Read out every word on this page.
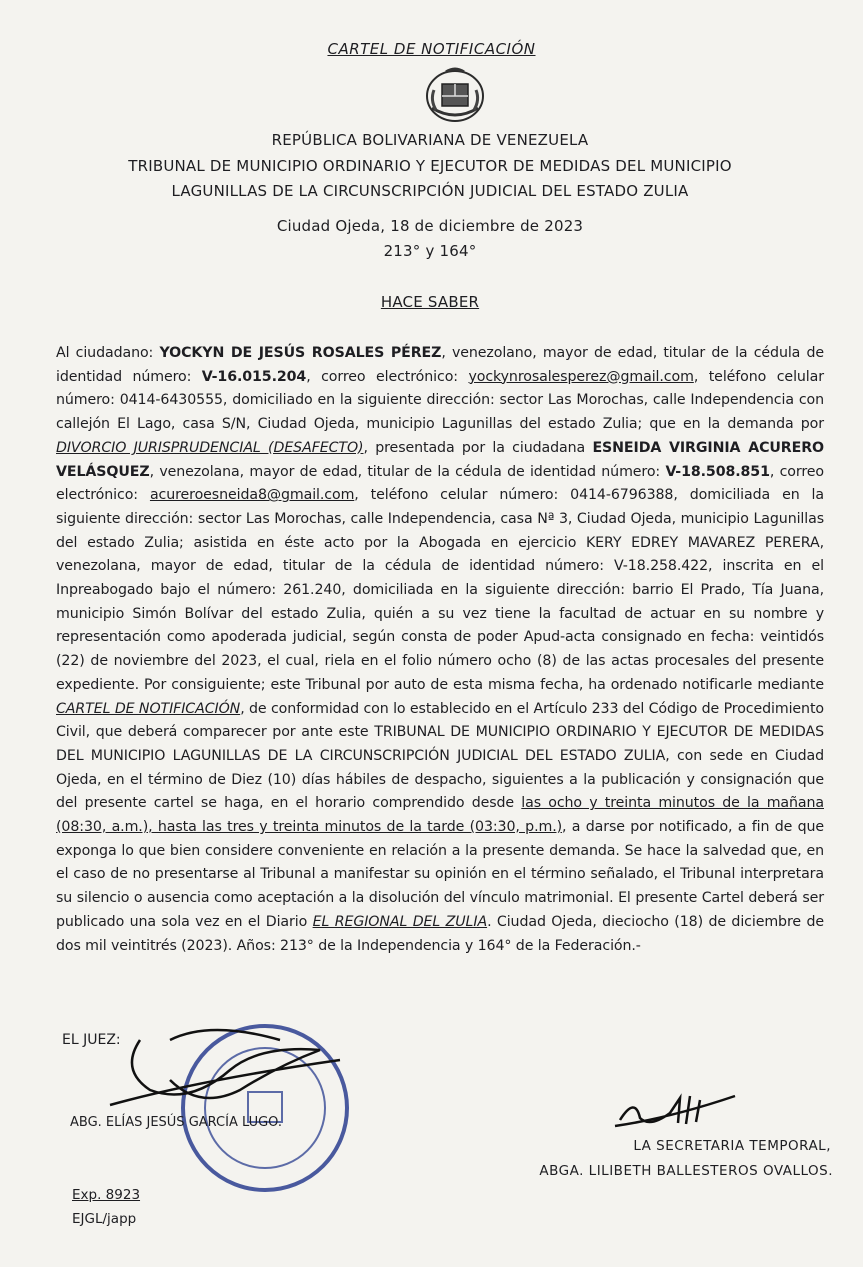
CARTEL DE NOTIFICACIÓN
REPÚBLICA BOLIVARIANA DE VENEZUELA
TRIBUNAL DE MUNICIPIO ORDINARIO Y EJECUTOR DE MEDIDAS DEL MUNICIPIO
LAGUNILLAS DE LA CIRCUNSCRIPCIÓN JUDICIAL DEL ESTADO ZULIA
Ciudad Ojeda, 18 de diciembre de 2023
213° y 164°
HACE SABER

Al ciudadano: YOCKYN DE JESÚS ROSALES PÉREZ, venezolano, mayor de edad, titular de la cédula de identidad número: V-16.015.204, correo electrónico: yockynrosalesperez@gmail.com, teléfono celular número: 0414-6430555, domiciliado en la siguiente dirección: sector Las Morochas, calle Independencia con callejón El Lago, casa S/N, Ciudad Ojeda, municipio Lagunillas del estado Zulia; que en la demanda por DIVORCIO JURISPRUDENCIAL (DESAFECTO), presentada por la ciudadana ESNEIDA VIRGINIA ACURERO VELÁSQUEZ, venezolana, mayor de edad, titular de la cédula de identidad número: V-18.508.851, correo electrónico: acureroesneida8@gmail.com, teléfono celular número: 0414-6796388, domiciliada en la siguiente dirección: sector Las Morochas, calle Independencia, casa Nª 3, Ciudad Ojeda, municipio Lagunillas del estado Zulia; asistida en éste acto por la Abogada en ejercicio KERY EDREY MAVAREZ PERERA, venezolana, mayor de edad, titular de la cédula de identidad número: V-18.258.422, inscrita en el Inpreabogado bajo el número: 261.240, domiciliada en la siguiente dirección: barrio El Prado, Tía Juana, municipio Simón Bolívar del estado Zulia, quién a su vez tiene la facultad de actuar en su nombre y representación como apoderada judicial, según consta de poder Apud-acta consignado en fecha: veintidós (22) de noviembre del 2023, el cual, riela en el folio número ocho (8) de las actas procesales del presente expediente. Por consiguiente; este Tribunal por auto de esta misma fecha, ha ordenado notificarle mediante CARTEL DE NOTIFICACIÓN, de conformidad con lo establecido en el Artículo 233 del Código de Procedimiento Civil, que deberá comparecer por ante este TRIBUNAL DE MUNICIPIO ORDINARIO Y EJECUTOR DE MEDIDAS DEL MUNICIPIO LAGUNILLAS DE LA CIRCUNSCRIPCIÓN JUDICIAL DEL ESTADO ZULIA, con sede en Ciudad Ojeda, en el término de Diez (10) días hábiles de despacho, siguientes a la publicación y consignación que del presente cartel se haga, en el horario comprendido desde las ocho y treinta minutos de la mañana (08:30, a.m.), hasta las tres y treinta minutos de la tarde (03:30, p.m.), a darse por notificado, a fin de que exponga lo que bien considere conveniente en relación a la presente demanda. Se hace la salvedad que, en el caso de no presentarse al Tribunal a manifestar su opinión en el término señalado, el Tribunal interpretara su silencio o ausencia como aceptación a la disolución del vínculo matrimonial. El presente Cartel deberá ser publicado una sola vez en el Diario EL REGIONAL DEL ZULIA. Ciudad Ojeda, dieciocho (18) de diciembre de dos mil veintitrés (2023). Años: 213° de la Independencia y 164° de la Federación.-

EL JUEZ:
ABG. ELÍAS JESÚS GARCÍA LUGO.
LA SECRETARIA TEMPORAL,
ABGA. LILIBETH BALLESTEROS OVALLOS.
Exp. 8923
EJGL/japp
